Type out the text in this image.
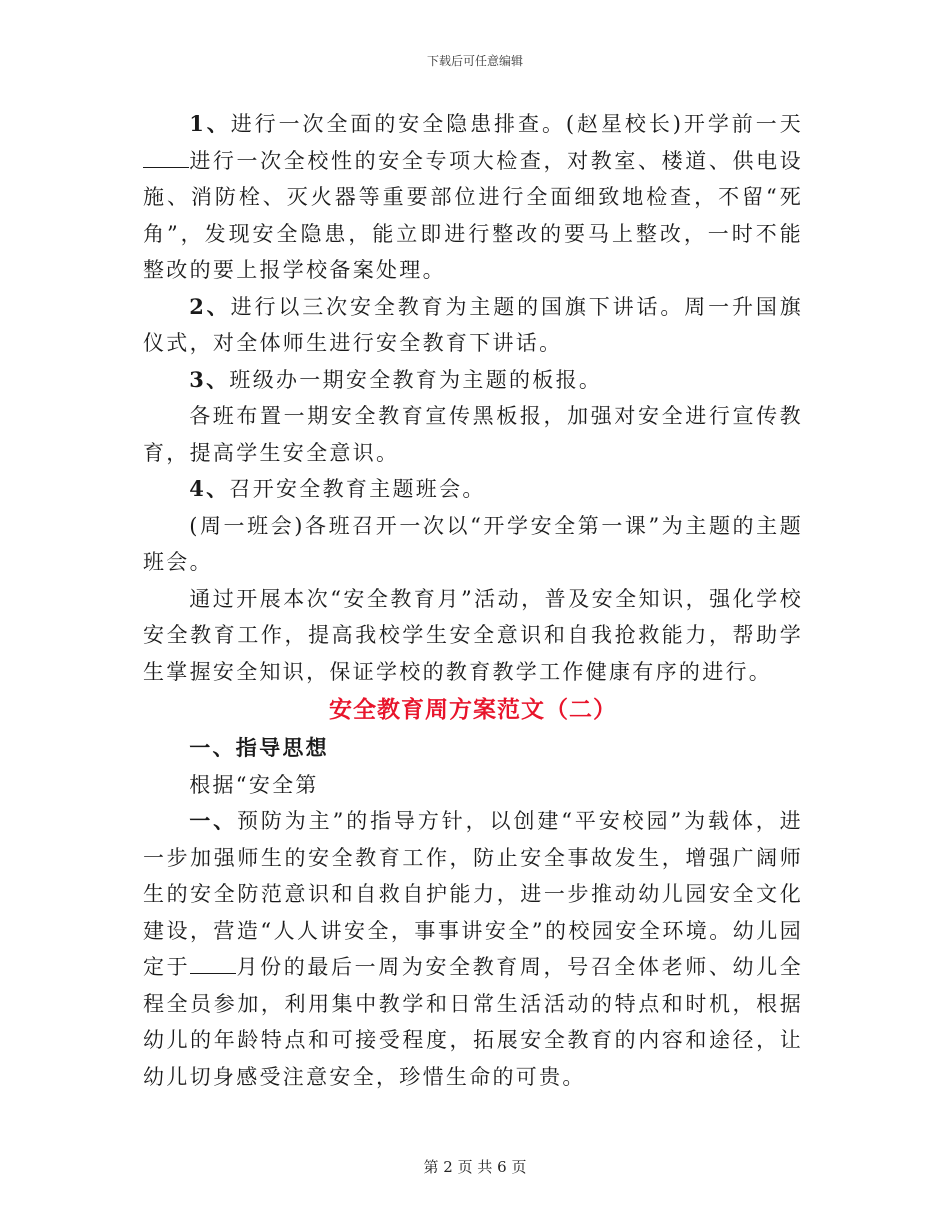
下载后可任意编辑

1、进行一次全面的安全隐患排查。(赵星校长)开学前一天进行一次全校性的安全专项大检查，对教室、楼道、供电设施、消防栓、灭火器等重要部位进行全面细致地检查，不留“死角”，发现安全隐患，能立即进行整改的要马上整改，一时不能整改的要上报学校备案处理。

2、进行以三次安全教育为主题的国旗下讲话。周一升国旗仪式，对全体师生进行安全教育下讲话。

3、班级办一期安全教育为主题的板报。

各班布置一期安全教育宣传黑板报，加强对安全进行宣传教育，提高学生安全意识。

4、召开安全教育主题班会。

(周一班会)各班召开一次以“开学安全第一课”为主题的主题班会。

通过开展本次“安全教育月”活动，普及安全知识，强化学校安全教育工作，提高我校学生安全意识和自我抢救能力，帮助学生掌握安全知识，保证学校的教育教学工作健康有序的进行。

安全教育周方案范文（二）

一、指导思想

根据“安全第

一、预防为主”的指导方针，以创建“平安校园”为载体，进一步加强师生的安全教育工作，防止安全事故发生，增强广阔师生的安全防范意识和自救自护能力，进一步推动幼儿园安全文化建设，营造“人人讲安全，事事讲安全”的校园安全环境。幼儿园定于 月份的最后一周为安全教育周，号召全体老师、幼儿全程全员参加，利用集中教学和日常生活活动的特点和时机，根据幼儿的年龄特点和可接受程度，拓展安全教育的内容和途径，让幼儿切身感受注意安全，珍惜生命的可贵。

第 2 页 共 6 页
